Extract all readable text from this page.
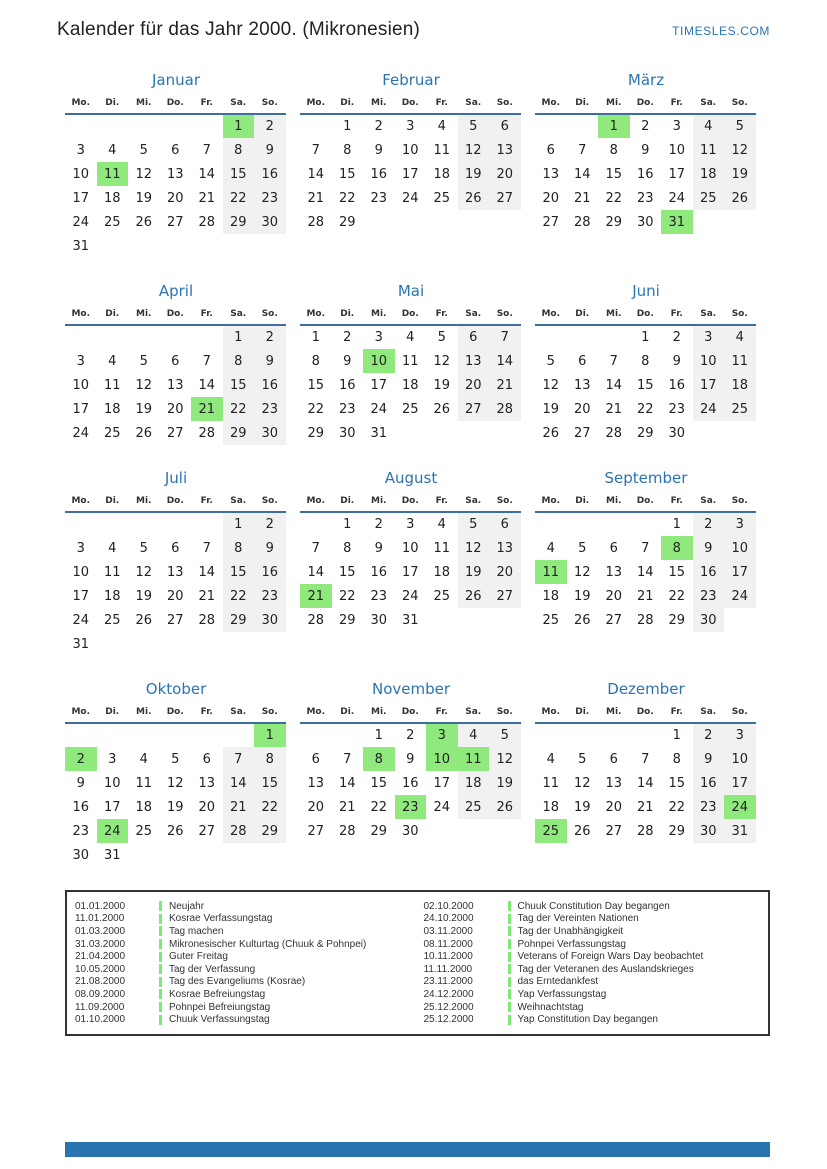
Kalender für das Jahr 2000. (Mikronesien)	TIMESLES.COM
Januar
Mo.	Di.	Mi.	Do.	Fr.	Sa.	So.
					1	2
3	4	5	6	7	8	9
10	11	12	13	14	15	16
17	18	19	20	21	22	23
24	25	26	27	28	29	30
31						
Februar
Mo.	Di.	Mi.	Do.	Fr.	Sa.	So.
	1	2	3	4	5	6
7	8	9	10	11	12	13
14	15	16	17	18	19	20
21	22	23	24	25	26	27
28	29					
März
Mo.	Di.	Mi.	Do.	Fr.	Sa.	So.
		1	2	3	4	5
6	7	8	9	10	11	12
13	14	15	16	17	18	19
20	21	22	23	24	25	26
27	28	29	30	31		
April
Mo.	Di.	Mi.	Do.	Fr.	Sa.	So.
					1	2
3	4	5	6	7	8	9
10	11	12	13	14	15	16
17	18	19	20	21	22	23
24	25	26	27	28	29	30
Mai
Mo.	Di.	Mi.	Do.	Fr.	Sa.	So.
1	2	3	4	5	6	7
8	9	10	11	12	13	14
15	16	17	18	19	20	21
22	23	24	25	26	27	28
29	30	31				
Juni
Mo.	Di.	Mi.	Do.	Fr.	Sa.	So.
			1	2	3	4
5	6	7	8	9	10	11
12	13	14	15	16	17	18
19	20	21	22	23	24	25
26	27	28	29	30		
Juli
Mo.	Di.	Mi.	Do.	Fr.	Sa.	So.
					1	2
3	4	5	6	7	8	9
10	11	12	13	14	15	16
17	18	19	20	21	22	23
24	25	26	27	28	29	30
31						
August
Mo.	Di.	Mi.	Do.	Fr.	Sa.	So.
	1	2	3	4	5	6
7	8	9	10	11	12	13
14	15	16	17	18	19	20
21	22	23	24	25	26	27
28	29	30	31			
September
Mo.	Di.	Mi.	Do.	Fr.	Sa.	So.
				1	2	3
4	5	6	7	8	9	10
11	12	13	14	15	16	17
18	19	20	21	22	23	24
25	26	27	28	29	30	
Oktober
Mo.	Di.	Mi.	Do.	Fr.	Sa.	So.
						1
2	3	4	5	6	7	8
9	10	11	12	13	14	15
16	17	18	19	20	21	22
23	24	25	26	27	28	29
30	31					
November
Mo.	Di.	Mi.	Do.	Fr.	Sa.	So.
		1	2	3	4	5
6	7	8	9	10	11	12
13	14	15	16	17	18	19
20	21	22	23	24	25	26
27	28	29	30			
Dezember
Mo.	Di.	Mi.	Do.	Fr.	Sa.	So.
				1	2	3
4	5	6	7	8	9	10
11	12	13	14	15	16	17
18	19	20	21	22	23	24
25	26	27	28	29	30	31
01.01.2000	Neujahr
11.01.2000	Kosrae Verfassungstag
01.03.2000	Tag machen
31.03.2000	Mikronesischer Kulturtag (Chuuk & Pohnpei)
21.04.2000	Guter Freitag
10.05.2000	Tag der Verfassung
21.08.2000	Tag des Evangeliums (Kosrae)
08.09.2000	Kosrae Befreiungstag
11.09.2000	Pohnpei Befreiungstag
01.10.2000	Chuuk Verfassungstag
02.10.2000	Chuuk Constitution Day begangen
24.10.2000	Tag der Vereinten Nationen
03.11.2000	Tag der Unabhängigkeit
08.11.2000	Pohnpei Verfassungstag
10.11.2000	Veterans of Foreign Wars Day beobachtet
11.11.2000	Tag der Veteranen des Auslandskrieges
23.11.2000	das Erntedankfest
24.12.2000	Yap Verfassungstag
25.12.2000	Weihnachtstag
25.12.2000	Yap Constitution Day begangen
